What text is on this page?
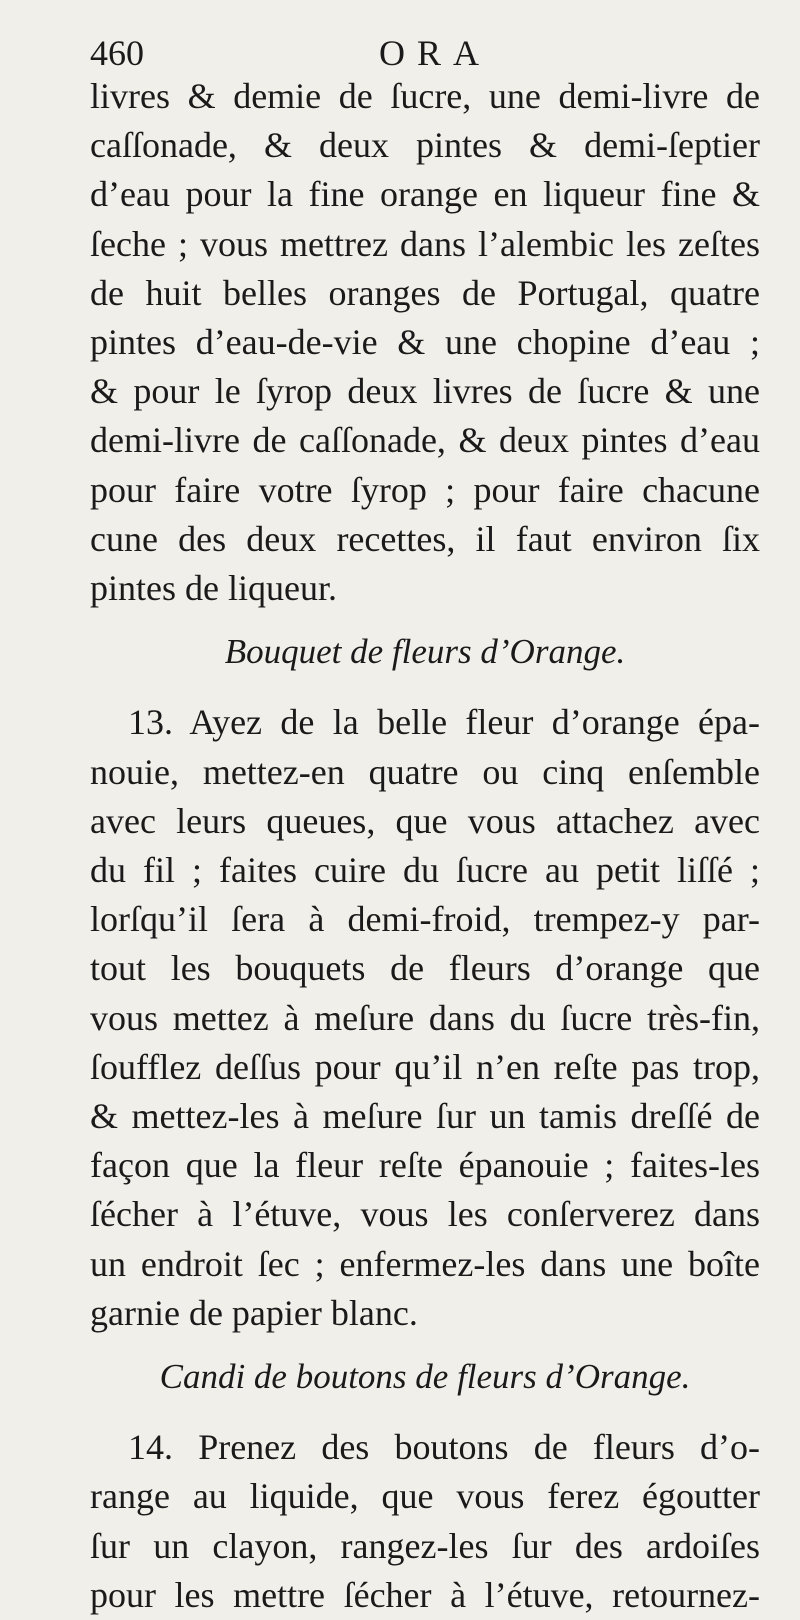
460	ORA
livres & demie de ſucre, une demi-livre de
caſſonade, & deux pintes & demi-ſeptier
d’eau pour la fine orange en liqueur fine &
ſeche ; vous mettrez dans l’alembic les zeſtes
de huit belles oranges de Portugal, quatre
pintes d’eau-de-vie & une chopine d’eau ;
& pour le ſyrop deux livres de ſucre & une
demi-livre de caſſonade, & deux pintes d’eau
pour faire votre ſyrop ; pour faire chacune
cune des deux recettes, il faut environ ſix
pintes de liqueur.
Bouquet de fleurs d’Orange.
13. Ayez de la belle fleur d’orange épa-
nouie, mettez-en quatre ou cinq enſemble
avec leurs queues, que vous attachez avec
du fil ; faites cuire du ſucre au petit liſſé ;
lorſqu’il ſera à demi-froid, trempez-y par-
tout les bouquets de fleurs d’orange que
vous mettez à meſure dans du ſucre très-fin,
ſoufflez deſſus pour qu’il n’en reſte pas trop,
& mettez-les à meſure ſur un tamis dreſſé de
façon que la fleur reſte épanouie ; faites-les
ſécher à l’étuve, vous les conſerverez dans
un endroit ſec ; enfermez-les dans une boîte
garnie de papier blanc.
Candi de boutons de fleurs d’Orange.
14. Prenez des boutons de fleurs d’o-
range au liquide, que vous ferez égoutter
ſur un clayon, rangez-les ſur des ardoiſes
pour les mettre ſécher à l’étuve, retournez-
